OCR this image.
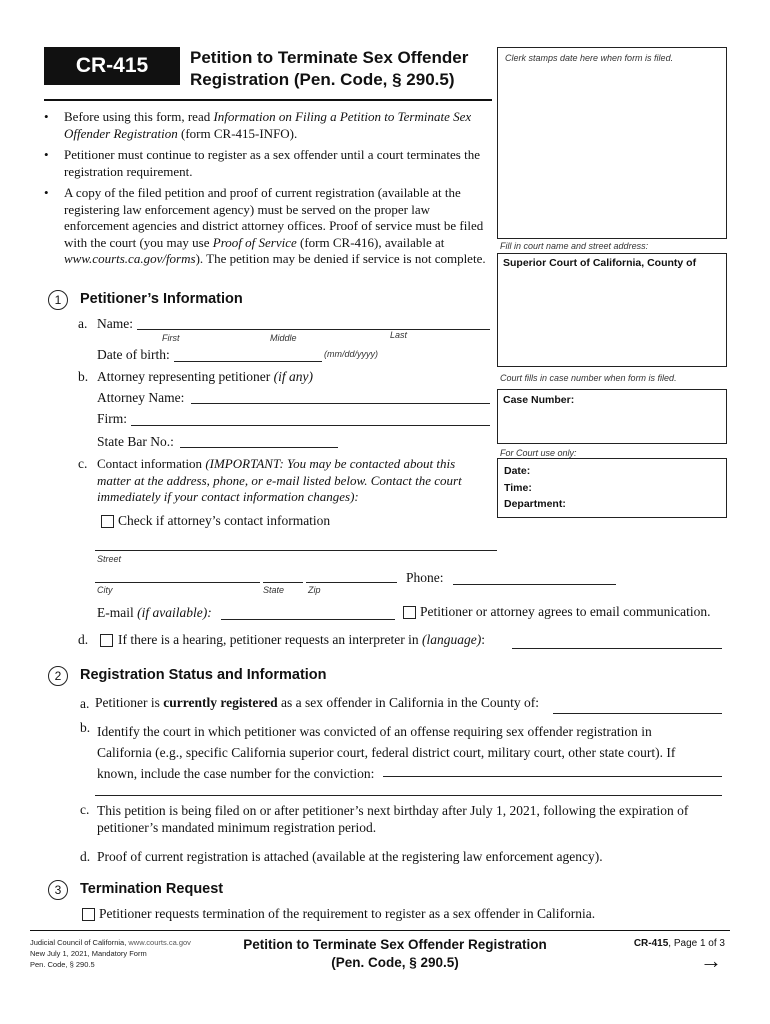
CR-415	Petition to Terminate Sex Offender
Registration (Pen. Code, § 290.5)
Clerk stamps date here when form is filed.
Fill in court name and street address:
Superior Court of California, County of
Court fills in case number when form is filed.
Case Number:
For Court use only:
Date:
Time:
Department:
• Before using this form, read Information on Filing a Petition to Terminate Sex Offender Registration (form CR-415-INFO).
• Petitioner must continue to register as a sex offender until a court terminates the registration requirement.
• A copy of the filed petition and proof of current registration (available at the registering law enforcement agency) must be served on the proper law enforcement agencies and district attorney offices. Proof of service must be filed with the court (you may use Proof of Service (form CR-416), available at www.courts.ca.gov/forms). The petition may be denied if service is not complete.
1	Petitioner’s Information
a. Name:
First	Middle	Last
Date of birth:	(mm/dd/yyyy)
b. Attorney representing petitioner (if any)
Attorney Name:
Firm:
State Bar No.:
c. Contact information (IMPORTANT: You may be contacted about this matter at the address, phone, or e-mail listed below. Contact the court immediately if your contact information changes):
Check if attorney’s contact information
Street
City	State	Zip
Phone:
E-mail (if available):	Petitioner or attorney agrees to email communication.
d. If there is a hearing, petitioner requests an interpreter in (language):
2	Registration Status and Information
a. Petitioner is currently registered as a sex offender in California in the County of:
b. Identify the court in which petitioner was convicted of an offense requiring sex offender registration in
California (e.g., specific California superior court, federal district court, military court, other state court). If
known, include the case number for the conviction:
c. This petition is being filed on or after petitioner’s next birthday after July 1, 2021, following the expiration of
petitioner’s mandated minimum registration period.
d. Proof of current registration is attached (available at the registering law enforcement agency).
3	Termination Request
Petitioner requests termination of the requirement to register as a sex offender in California.
Judicial Council of California, www.courts.ca.gov
New July 1, 2021, Mandatory Form
Pen. Code, § 290.5
Petition to Terminate Sex Offender Registration
(Pen. Code, § 290.5)
CR-415, Page 1 of 3
→
